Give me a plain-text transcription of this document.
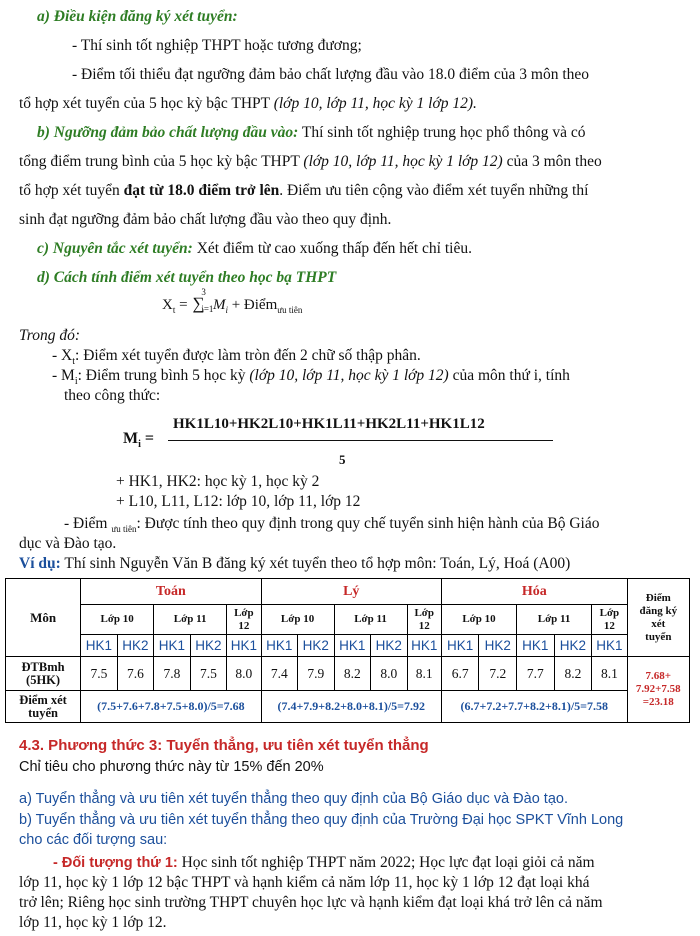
a) Điều kiện đăng ký xét tuyển:
- Thí sinh tốt nghiệp THPT hoặc tương đương;
- Điểm tối thiểu đạt ngưỡng đảm bảo chất lượng đầu vào 18.0 điểm của 3 môn theo
tổ hợp xét tuyển của 5 học kỳ bậc THPT (lớp 10, lớp 11, học kỳ 1 lớp 12).
b) Ngưỡng đảm bảo chất lượng đầu vào: Thí sinh tốt nghiệp trung học phổ thông và có
tổng điểm trung bình của 5 học kỳ bậc THPT (lớp 10, lớp 11, học kỳ 1 lớp 12) của 3 môn theo
tổ hợp xét tuyển đạt từ 18.0 điểm trở lên. Điểm ưu tiên cộng vào điểm xét tuyển những thí
sinh đạt ngưỡng đảm bảo chất lượng đầu vào theo quy định.
c) Nguyên tắc xét tuyển: Xét điểm từ cao xuống thấp đến hết chỉ tiêu.
d) Cách tính điểm xét tuyển theo học bạ THPT
$X_t$ = ∑
3
i=1 $M_i$ + Điểm$_{ưu tiên}$
Trong đó:
- $X_t$: Điểm xét tuyển được làm tròn đến 2 chữ số thập phân.
- $M_i$: Điểm trung bình 5 học kỳ (lớp 10, lớp 11, học kỳ 1 lớp 12) của môn thứ i, tính
theo công thức:
$M_i$ =
HK1L10+HK2L10+HK1L11+HK2L11+HK1L12
5
+ HK1, HK2: học kỳ 1, học kỳ 2
+ L10, L11, L12: lớp 10, lớp 11, lớp 12
- Điểm $_{ưu tiên}$: Được tính theo quy định trong quy chế tuyển sinh hiện hành của Bộ Giáo
dục và Đào tạo.
Ví dụ: Thí sinh Nguyễn Văn B đăng ký xét tuyển theo tổ hợp môn: Toán, Lý, Hoá (A00)
Môn	Toán					Lý					Hóa					Điểm
đăng ký
xét
tuyển
	Lớp 10		Lớp 11		Lớp
12	Lớp 10		Lớp 11		Lớp
12	Lớp 10		Lớp 11		Lớp
12	
	HK1	HK2	HK1	HK2	HK1	HK1	HK2	HK1	HK2	HK1	HK1	HK2	HK1	HK2	HK1	
ĐTBmh
(5HK)	7.5	7.6	7.8	7.5	8.0	7.4	7.9	8.2	8.0	8.1	6.7	7.2	7.7	8.2	8.1	7.68+
7.92+7.58
=23.18
Điểm xét
tuyển	(7.5+7.6+7.8+7.5+8.0)/5=7.68					(7.4+7.9+8.2+8.0+8.1)/5=7.92					(6.7+7.2+7.7+8.2+8.1)/5=7.58					
4.3. Phương thức 3: Tuyển thẳng, ưu tiên xét tuyển thẳng
Chỉ tiêu cho phương thức này từ 15% đến 20%
a) Tuyển thẳng và ưu tiên xét tuyển thẳng theo quy định của Bộ Giáo dục và Đào tạo.
b) Tuyển thẳng và ưu tiên xét tuyển thẳng theo quy định của Trường Đại học SPKT Vĩnh Long
cho các đối tượng sau:
- Đối tượng thứ 1: Học sinh tốt nghiệp THPT năm 2022; Học lực đạt loại giỏi cả năm
lớp 11, học kỳ 1 lớp 12 bậc THPT và hạnh kiểm cả năm lớp 11, học kỳ 1 lớp 12 đạt loại khá
trở lên; Riêng học sinh trường THPT chuyên học lực và hạnh kiểm đạt loại khá trở lên cả năm
lớp 11, học kỳ 1 lớp 12.
